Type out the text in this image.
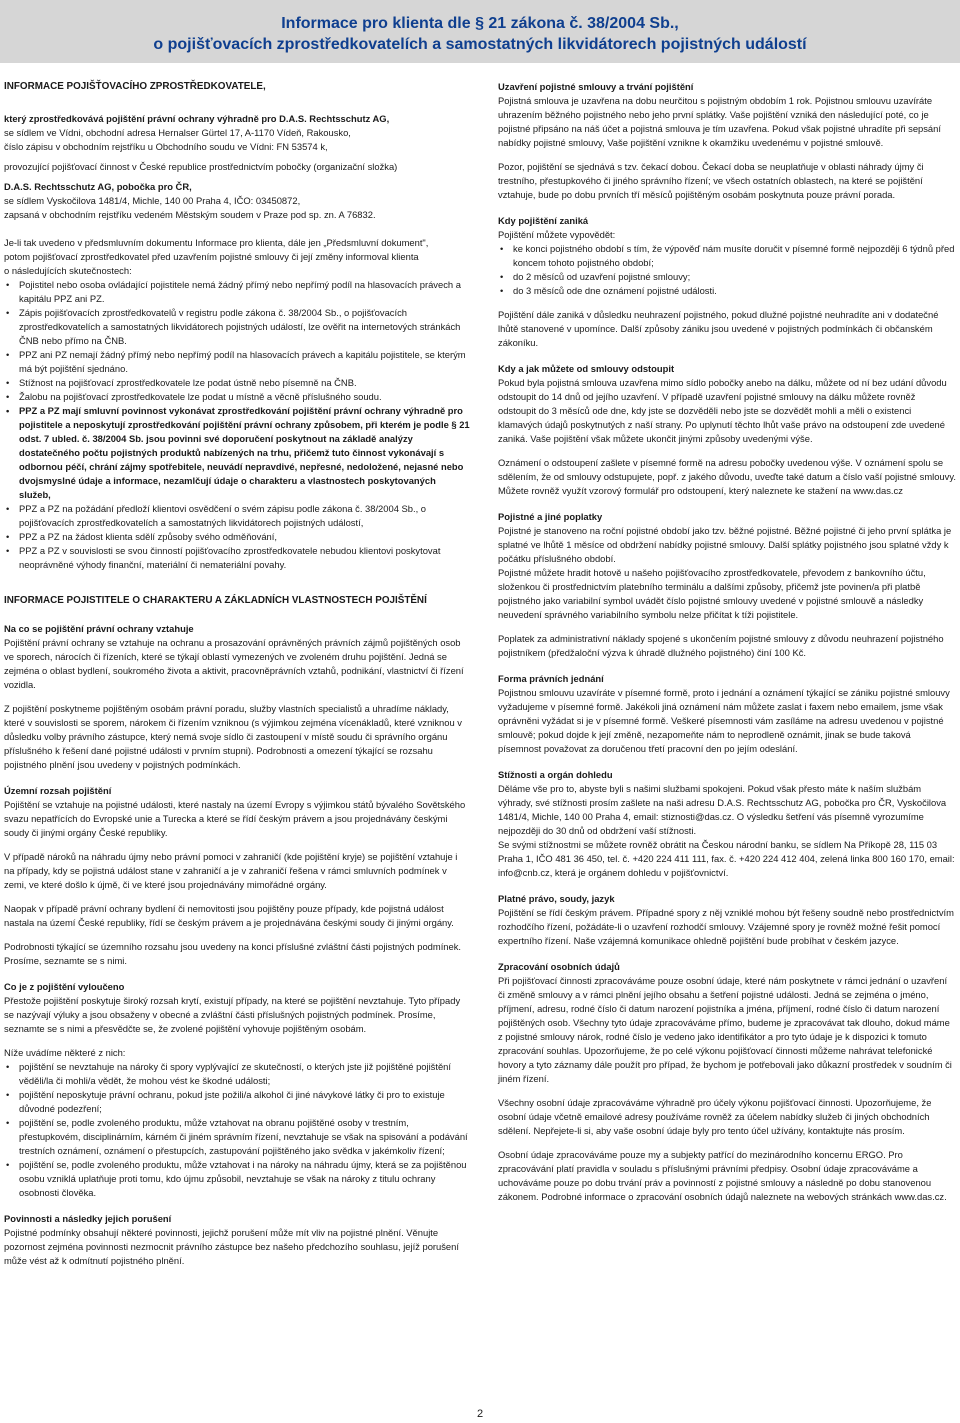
Informace pro klienta dle § 21 zákona č. 38/2004 Sb.,
o pojišťovacích zprostředkovatelích a samostatných likvidátorech pojistných událostí

INFORMACE POJIŠŤOVACÍHO ZPROSTŘEDKOVATELE,

který zprostředkovává pojištění právní ochrany výhradně pro D.A.S. Rechtsschutz AG,

se sídlem ve Vídni, obchodní adresa Hernalser Gürtel 17, A-1170 Vídeň, Rakousko,

číslo zápisu v obchodním rejstříku u Obchodního soudu ve Vídni: FN 53574 k,

provozující pojišťovací činnost v České republice prostřednictvím pobočky (organizační složka)

D.A.S. Rechtsschutz AG, pobočka pro ČR,

se sídlem Vyskočilova 1481/4, Michle, 140 00 Praha 4, IČO: 03450872,

zapsaná v obchodním rejstříku vedeném Městským soudem v Praze pod sp. zn. A 76832.

Je-li tak uvedeno v předsmluvním dokumentu Informace pro klienta, dále jen „Předsmluvní dokument",

potom pojišťovací zprostředkovatel před uzavřením pojistné smlouvy či její změny informoval klienta

o následujících skutečnostech:

• Pojistitel nebo osoba ovládající pojistitele nemá žádný přímý nebo nepřímý podíl na hlasovacích právech a kapitálu PPZ ani PZ.
• Zápis pojišťovacích zprostředkovatelů v registru podle zákona č. 38/2004 Sb., o pojišťovacích zprostředkovatelích a samostatných likvidátorech pojistných událostí, lze ověřit na internetových stránkách ČNB nebo přímo na ČNB.
• PPZ ani PZ nemají žádný přímý nebo nepřímý podíl na hlasovacích právech a kapitálu pojistitele, se kterým má být pojištění sjednáno.
• Stížnost na pojišťovací zprostředkovatele lze podat ústně nebo písemně na ČNB.
• Žalobu na pojišťovací zprostředkovatele lze podat u místně a věcně příslušného soudu.
• PPZ a PZ mají smluvní povinnost vykonávat zprostředkování pojištění právní ochrany výhradně pro pojistitele a neposkytují zprostředkování pojištění právní ochrany způsobem, při kterém je podle § 21 odst. 7 ubled. č. 38/2004 Sb. jsou povinni své doporučení poskytnout na základě analýzy dostatečného počtu pojistných produktů nabízených na trhu, přičemž tuto činnost vykonávají s odbornou péčí, chrání zájmy spotřebitele, neuvádí nepravdivé, nepřesné, nedoložené, nejasné nebo dvojsmyslné údaje a informace, nezamlčují údaje o charakteru a vlastnostech poskytovaných služeb,
• PPZ a PZ na požádání předloží klientovi osvědčení o svém zápisu podle zákona č. 38/2004 Sb., o pojišťovacích zprostředkovatelích a samostatných likvidátorech pojistných událostí,
• PPZ a PZ na žádost klienta sdělí způsoby svého odměňování,
• PPZ a PZ v souvislosti se svou činností pojišťovacího zprostředkovatele nebudou klientovi poskytovat neoprávněné výhody finanční, materiální či nemateriální povahy.

INFORMACE POJISTITELE O CHARAKTERU A ZÁKLADNÍCH VLASTNOSTECH POJIŠTĚNÍ

Na co se pojištění právní ochrany vztahuje

Pojištění právní ochrany se vztahuje na ochranu a prosazování oprávněných právních zájmů pojištěných osob ve sporech, nárocích či řízeních, které se týkají oblastí vymezených ve zvoleném druhu pojištění. Jedná se zejména o oblast bydlení, soukromého života a aktivit, pracovněprávních vztahů, podnikání, vlastnictví či řízení vozidla.

Z pojištění poskytneme pojištěným osobám právní poradu, služby vlastních specialistů a uhradíme náklady, které v souvislosti se sporem, nárokem či řízením vzniknou (s výjimkou zejména vícenákladů, které vzniknou v důsledku volby právního zástupce, který nemá svoje sídlo či zastoupení v místě soudu či správního orgánu příslušného k řešení dané pojistné události v prvním stupni). Podrobnosti a omezení týkající se rozsahu pojistného plnění jsou uvedeny v pojistných podmínkách.

Územní rozsah pojištění

Pojištění se vztahuje na pojistné události, které nastaly na území Evropy s výjimkou států bývalého Sovětského svazu nepatřících do Evropské unie a Turecka a které se řídí českým právem a jsou projednávány českými soudy či jinými orgány České republiky.

V případě nároků na náhradu újmy nebo právní pomoci v zahraničí (kde pojištění kryje) se pojištění vztahuje i na případy, kdy se pojistná událost stane v zahraničí a je v zahraničí řešena v rámci smluvních podmínek v zemi, ve které došlo k újmě, či ve které jsou projednávány mimořádné orgány.

Naopak v případě právní ochrany bydlení či nemovitosti jsou pojištěny pouze případy, kde pojistná událost nastala na území České republiky, řídí se českým právem a je projednávána českými soudy či jinými orgány.

Podrobnosti týkající se územního rozsahu jsou uvedeny na konci příslušné zvláštní části pojistných podmínek. Prosíme, seznamte se s nimi.

Co je z pojištění vyloučeno

Přestože pojištění poskytuje široký rozsah krytí, existují případy, na které se pojištění nevztahuje. Tyto případy se nazývají výluky a jsou obsaženy v obecné a zvláštní části příslušných pojistných podmínek. Prosíme, seznamte se s nimi a přesvědčte se, že zvolené pojištění vyhovuje pojištěným osobám.

Níže uvádíme některé z nich:

• pojištění se nevztahuje na nároky či spory vyplývající ze skutečností, o kterých jste již pojištěné pojištění věděli/la či mohli/a vědět, že mohou vést ke škodné události;
• pojištění neposkytuje právní ochranu, pokud jste požili/a alkohol či jiné návykové látky či pro to existuje důvodné podezření;
• pojištění se, podle zvoleného produktu, může vztahovat na obranu pojištěné osoby v trestním, přestupkovém, disciplinárním, kárném či jiném správním řízení, nevztahuje se však na spisování a podávání trestních oznámení, oznámení o přestupcích, zastupování pojištěného jako svědka v jakémkoliv řízení;
• pojištění se, podle zvoleného produktu, může vztahovat i na nároky na náhradu újmy, která se za pojištěnou osobu vzniklá uplatňuje proti tomu, kdo újmu způsobil, nevztahuje se však na nároky z titulu ochrany osobnosti člověka.

Povinnosti a následky jejich porušení

Pojistné podmínky obsahují některé povinnosti, jejichž porušení může mít vliv na pojistné plnění. Věnujte pozornost zejména povinnosti nezmocnit právního zástupce bez našeho předchozího souhlasu, jejíž porušení může vést až k odmítnutí pojistného plnění.

Uzavření pojistné smlouvy a trvání pojištění

Pojistná smlouva je uzavřena na dobu neurčitou s pojistným obdobím 1 rok. Pojistnou smlouvu uzavíráte uhrazením běžného pojistného nebo jeho první splátky. Vaše pojištění vzniká den následující poté, co je pojistné připsáno na náš účet a pojistná smlouva je tím uzavřena. Pokud však pojistné uhradíte při sepsání nabídky pojistné smlouvy, Vaše pojištění vznikne k okamžiku uvedenému v pojistné smlouvě.

Pozor, pojištění se sjednává s tzv. čekací dobou. Čekací doba se neuplatňuje v oblasti náhrady újmy či trestního, přestupkového či jiného správního řízení; ve všech ostatních oblastech, na které se pojištění vztahuje, bude po dobu prvních tří měsíců pojištěným osobám poskytnuta pouze právní porada.

Kdy pojištění zaniká

Pojištění můžete vypovědět:

• ke konci pojistného období s tím, že výpověď nám musíte doručit v písemné formě nejpozději 6 týdnů před koncem tohoto pojistného období;
• do 2 měsíců od uzavření pojistné smlouvy;
• do 3 měsíců ode dne oznámení pojistné události.

Pojištění dále zaniká v důsledku neuhrazení pojistného, pokud dlužné pojistné neuhradíte ani v dodatečné lhůtě stanovené v upomínce. Další způsoby zániku jsou uvedené v pojistných podmínkách či občanském zákoníku.

Kdy a jak můžete od smlouvy odstoupit

Pokud byla pojistná smlouva uzavřena mimo sídlo pobočky anebo na dálku, můžete od ní bez udání důvodu odstoupit do 14 dnů od jejího uzavření. V případě uzavření pojistné smlouvy na dálku můžete rovněž odstoupit do 3 měsíců ode dne, kdy jste se dozvěděli nebo jste se dozvědět mohli a měli o existenci klamavých údajů poskytnutých z naší strany. Po uplynutí těchto lhůt vaše právo na odstoupení zde uvedené zaniká. Vaše pojištění však můžete ukončit jinými způsoby uvedenými výše.

Oznámení o odstoupení zašlete v písemné formě na adresu pobočky uvedenou výše. V oznámení spolu se sdělením, že od smlouvy odstupujete, popř. z jakého důvodu, uveďte také datum a číslo vaší pojistné smlouvy. Můžete rovněž využít vzorový formulář pro odstoupení, který naleznete ke stažení na www.das.cz

Pojistné a jiné poplatky

Pojistné je stanoveno na roční pojistné období jako tzv. běžné pojistné. Běžné pojistné či jeho první splátka je splatné ve lhůtě 1 měsíce od obdržení nabídky pojistné smlouvy. Další splátky pojistného jsou splatné vždy k počátku příslušného období.

Pojistné můžete hradit hotově u našeho pojišťovacího zprostředkovatele, převodem z bankovního účtu, složenkou či prostřednictvím platebního terminálu a dalšími způsoby, přičemž jste povinen/a při platbě pojistného jako variabilní symbol uvádět číslo pojistné smlouvy uvedené v pojistné smlouvě a následky neuvedení správného variabilního symbolu nelze přičítat k tíži pojistitele.

Poplatek za administrativní náklady spojené s ukončením pojistné smlouvy z důvodu neuhrazení pojistného pojistníkem (předžaloční výzva k úhradě dlužného pojistného) činí 100 Kč.

Forma právních jednání

Pojistnou smlouvu uzavíráte v písemné formě, proto i jednání a oznámení týkající se zániku pojistné smlouvy vyžadujeme v písemné formě. Jakékoli jiná oznámení nám můžete zaslat i faxem nebo emailem, jsme však oprávněni vyžádat si je v písemné formě. Veškeré písemnosti vám zasíláme na adresu uvedenou v pojistné smlouvě; pokud dojde k její změně, nezapomeňte nám to neprodleně oznámit, jinak se bude taková písemnost považovat za doručenou třetí pracovní den po jejím odeslání.

Stížnosti a orgán dohledu

Děláme vše pro to, abyste byli s našimi službami spokojeni. Pokud však přesto máte k naším službám výhrady, své stížnosti prosím zašlete na naši adresu D.A.S. Rechtsschutz AG, pobočka pro ČR, Vyskočilova 1481/4, Michle, 140 00 Praha 4, email: stiznosti@das.cz. O výsledku šetření vás písemně vyrozumíme nejpozději do 30 dnů od obdržení vaší stížnosti.

Se svými stížnostmi se můžete rovněž obrátit na Českou národní banku, se sídlem Na Příkopě 28, 115 03 Praha 1, IČO 481 36 450, tel. č. +420 224 411 111, fax. č. +420 224 412 404, zelená linka 800 160 170, email: info@cnb.cz, která je orgánem dohledu v pojišťovnictví.

Platné právo, soudy, jazyk

Pojištění se řídí českým právem. Případné spory z něj vzniklé mohou být řešeny soudně nebo prostřednictvím rozhodčího řízení, požádáte-li o uzavření rozhodčí smlouvy. Vzájemné spory je rovněž možné řešit pomocí expertního řízení. Naše vzájemná komunikace ohledně pojištění bude probíhat v českém jazyce.

Zpracování osobních údajů

Při pojišťovací činnosti zpracováváme pouze osobní údaje, které nám poskytnete v rámci jednání o uzavření či změně smlouvy a v rámci plnění jejího obsahu a šetření pojistné události. Jedná se zejména o jméno, příjmení, adresu, rodné číslo či datum narození pojistníka a jména, příjmení, rodné číslo či datum narození pojištěných osob. Všechny tyto údaje zpracováváme přímo, budeme je zpracovávat tak dlouho, dokud máme z pojistné smlouvy nárok, rodné číslo je vedeno jako identifikátor a pro tyto údaje je k dispozici k tomuto zpracování souhlas. Upozorňujeme, že po celé výkonu pojišťovací činnosti můžeme nahrávat telefonické hovory a tyto záznamy dále použít pro případ, že bychom je potřebovali jako důkazní prostředek v soudním či jiném řízení.

Všechny osobní údaje zpracováváme výhradně pro účely výkonu pojišťovací činnosti. Upozorňujeme, že osobní údaje včetně emailové adresy používáme rovněž za účelem nabídky služeb či jiných obchodních sdělení. Nepřejete-li si, aby vaše osobní údaje byly pro tento účel užívány, kontaktujte nás prosím.

Osobní údaje zpracováváme pouze my a subjekty patřící do mezinárodního koncernu ERGO. Pro zpracovávání platí pravidla v souladu s příslušnými právními předpisy. Osobní údaje zpracováváme a uchováváme pouze po dobu trvání práv a povinností z pojistné smlouvy a následně po dobu stanovenou zákonem. Podrobné informace o zpracování osobních údajů naleznete na webových stránkách www.das.cz.

2
